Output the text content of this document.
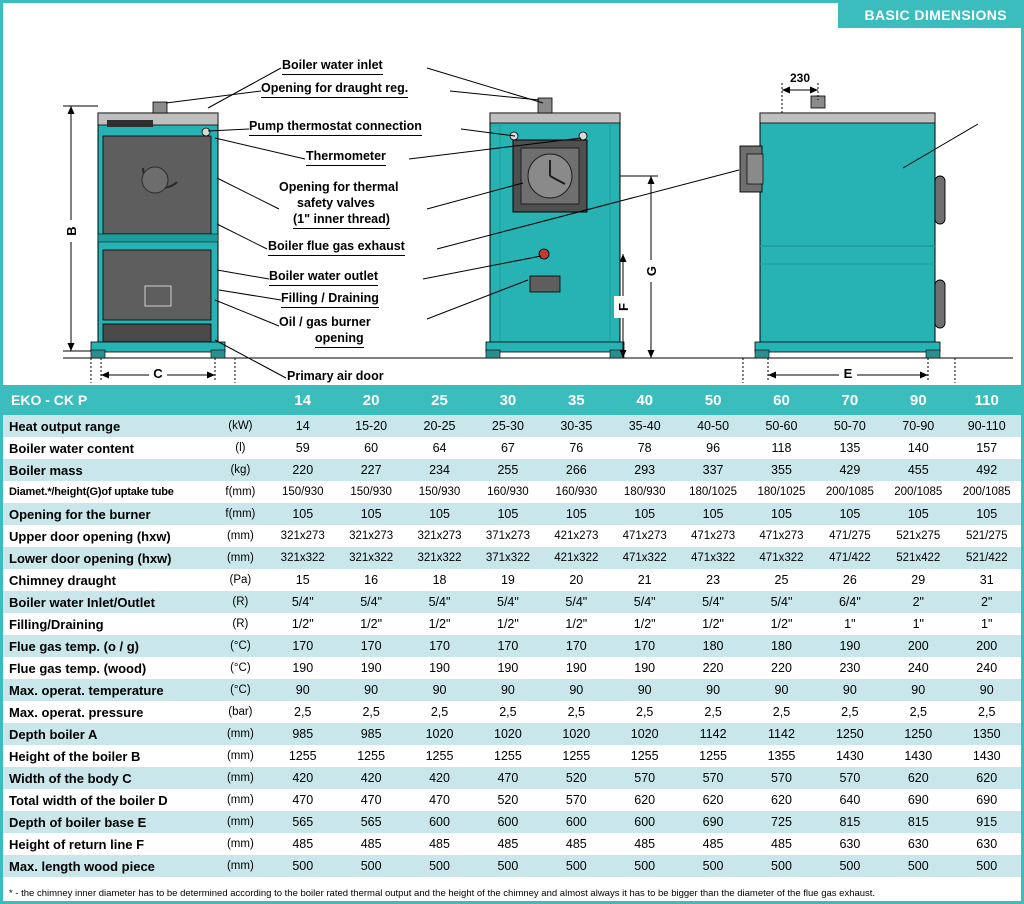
BASIC DIMENSIONS
B
C
G
F
230
E
Boiler water inlet
Opening for draught reg.
Pump thermostat connection
Thermometer
Opening for thermal
safety valves
(1" inner thread)
Boiler flue gas exhaust
Boiler water outlet
Filling / Draining
Oil / gas burner
opening
Primary air door
EKO - CK P		14	20	25	30	35	40	50	60	70	90	110
Heat output range	(kW)	14	15-20	20-25	25-30	30-35	35-40	40-50	50-60	50-70	70-90	90-110
Boiler water content	(l)	59	60	64	67	76	78	96	118	135	140	157
Boiler mass	(kg)	220	227	234	255	266	293	337	355	429	455	492
Diamet.*/height(G)of uptake tube	f(mm)	150/930	150/930	150/930	160/930	160/930	180/930	180/1025	180/1025	200/1085	200/1085	200/1085
Opening for the burner	f(mm)	105	105	105	105	105	105	105	105	105	105	105
Upper door opening (hxw)	(mm)	321x273	321x273	321x273	371x273	421x273	471x273	471x273	471x273	471/275	521x275	521/275
Lower door opening (hxw)	(mm)	321x322	321x322	321x322	371x322	421x322	471x322	471x322	471x322	471/422	521x422	521/422
Chimney draught	(Pa)	15	16	18	19	20	21	23	25	26	29	31
Boiler water Inlet/Outlet	(R)	5/4"	5/4"	5/4"	5/4"	5/4"	5/4"	5/4"	5/4"	6/4"	2"	2"
Filling/Draining	(R)	1/2"	1/2"	1/2"	1/2"	1/2"	1/2"	1/2"	1/2"	1"	1"	1"
Flue gas temp. (o / g)	(°C)	170	170	170	170	170	170	180	180	190	200	200
Flue gas temp. (wood)	(°C)	190	190	190	190	190	190	220	220	230	240	240
Max. operat. temperature	(°C)	90	90	90	90	90	90	90	90	90	90	90
Max. operat. pressure	(bar)	2,5	2,5	2,5	2,5	2,5	2,5	2,5	2,5	2,5	2,5	2,5
Depth boiler A	(mm)	985	985	1020	1020	1020	1020	1142	1142	1250	1250	1350
Height of the boiler B	(mm)	1255	1255	1255	1255	1255	1255	1255	1355	1430	1430	1430
Width of the body C	(mm)	420	420	420	470	520	570	570	570	570	620	620
Total width of the boiler D	(mm)	470	470	470	520	570	620	620	620	640	690	690
Depth of boiler base E	(mm)	565	565	600	600	600	600	690	725	815	815	915
Height of return line F	(mm)	485	485	485	485	485	485	485	485	630	630	630
Max. length wood piece	(mm)	500	500	500	500	500	500	500	500	500	500	500
* - the chimney inner diameter has to be determined according to the boiler rated thermal output and the height of the chimney and almost always it has to be bigger than the diameter of the flue gas exhaust.
